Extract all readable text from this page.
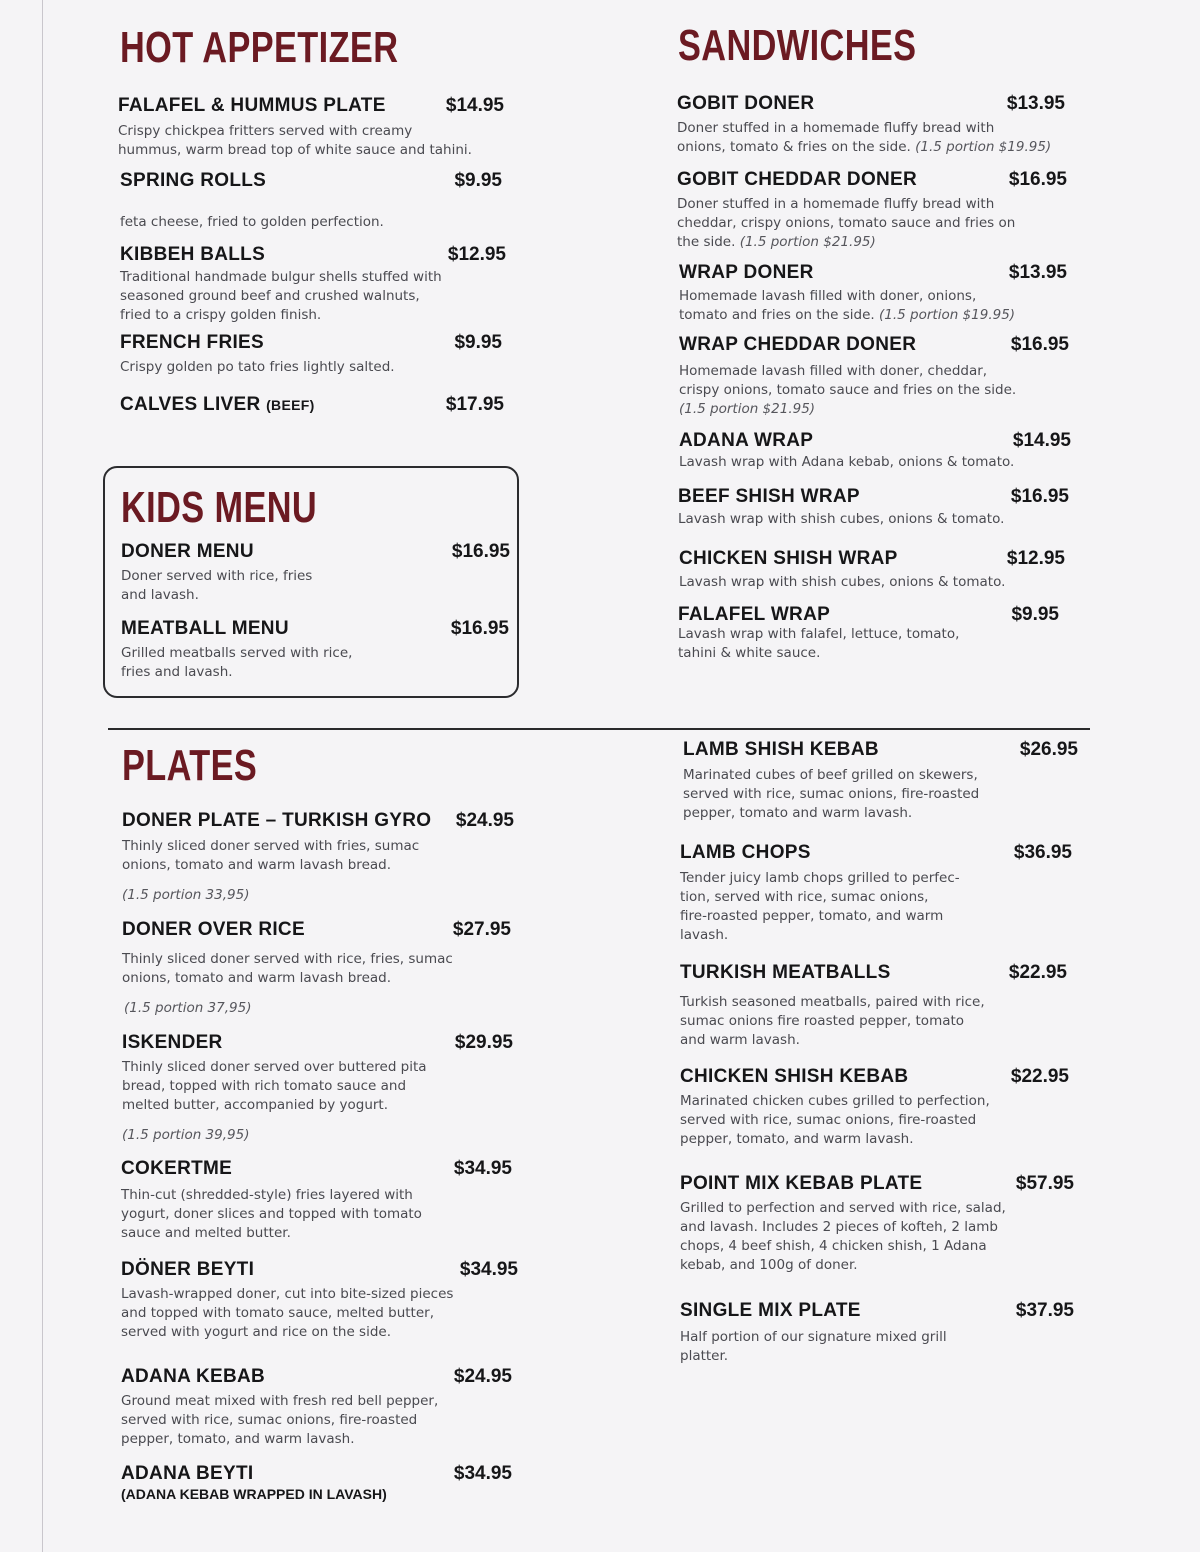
HOT APPETIZER
FALAFEL & HUMMUS PLATE	$14.95
Crispy chickpea fritters served with creamy
hummus, warm bread top of white sauce and tahini.
SPRING ROLLS	$9.95
feta cheese, fried to golden perfection.
KIBBEH BALLS	$12.95
Traditional handmade bulgur shells stuffed with
seasoned ground beef and crushed walnuts,
fried to a crispy golden finish.
FRENCH FRIES	$9.95
Crispy golden po tato fries lightly salted.
CALVES LIVER (BEEF)	$17.95
KIDS MENU
DONER MENU	$16.95
Doner served with rice, fries
and lavash.
MEATBALL MENU	$16.95
Grilled meatballs served with rice,
fries and lavash.
SANDWICHES
GOBIT DONER	$13.95
Doner stuffed in a homemade fluffy bread with
onions, tomato & fries on the side. (1.5 portion $19.95)
GOBIT CHEDDAR DONER	$16.95
Doner stuffed in a homemade fluffy bread with
cheddar, crispy onions, tomato sauce and fries on
the side. (1.5 portion $21.95)
WRAP DONER	$13.95
Homemade lavash filled with doner, onions,
tomato and fries on the side. (1.5 portion $19.95)
WRAP CHEDDAR DONER	$16.95
Homemade lavash filled with doner, cheddar,
crispy onions, tomato sauce and fries on the side.
(1.5 portion $21.95)
ADANA WRAP	$14.95
Lavash wrap with Adana kebab, onions & tomato.
BEEF SHISH WRAP	$16.95
Lavash wrap with shish cubes, onions & tomato.
CHICKEN SHISH WRAP	$12.95
Lavash wrap with shish cubes, onions & tomato.
FALAFEL WRAP	$9.95
Lavash wrap with falafel, lettuce, tomato,
tahini & white sauce.
PLATES
DONER PLATE – TURKISH GYRO $24.95
Thinly sliced doner served with fries, sumac
onions, tomato and warm lavash bread.
(1.5 portion 33,95)
DONER OVER RICE	$27.95
Thinly sliced doner served with rice, fries, sumac
onions, tomato and warm lavash bread.
(1.5 portion 37,95)
ISKENDER	$29.95
Thinly sliced doner served over buttered pita
bread, topped with rich tomato sauce and
melted butter, accompanied by yogurt.
(1.5 portion 39,95)
COKERTME	$34.95
Thin-cut (shredded-style) fries layered with
yogurt, doner slices and topped with tomato
sauce and melted butter.
DÖNER BEYTI	$34.95
Lavash-wrapped doner, cut into bite-sized pieces
and topped with tomato sauce, melted butter,
served with yogurt and rice on the side.
ADANA KEBAB	$24.95
Ground meat mixed with fresh red bell pepper,
served with rice, sumac onions, fire-roasted
pepper, tomato, and warm lavash.
ADANA BEYTI	$34.95
(ADANA KEBAB WRAPPED IN LAVASH)
LAMB SHISH KEBAB	$26.95
Marinated cubes of beef grilled on skewers,
served with rice, sumac onions, fire-roasted
pepper, tomato and warm lavash.
LAMB CHOPS	$36.95
Tender juicy lamb chops grilled to perfec-
tion, served with rice, sumac onions,
fire-roasted pepper, tomato, and warm
lavash.
TURKISH MEATBALLS	$22.95
Turkish seasoned meatballs, paired with rice,
sumac onions fire roasted pepper, tomato
and warm lavash.
CHICKEN SHISH KEBAB	$22.95
Marinated chicken cubes grilled to perfection,
served with rice, sumac onions, fire-roasted
pepper, tomato, and warm lavash.
POINT MIX KEBAB PLATE	$57.95
Grilled to perfection and served with rice, salad,
and lavash. Includes 2 pieces of kofteh, 2 lamb
chops, 4 beef shish, 4 chicken shish, 1 Adana
kebab, and 100g of doner.
SINGLE MIX PLATE	$37.95
Half portion of our signature mixed grill
platter.
